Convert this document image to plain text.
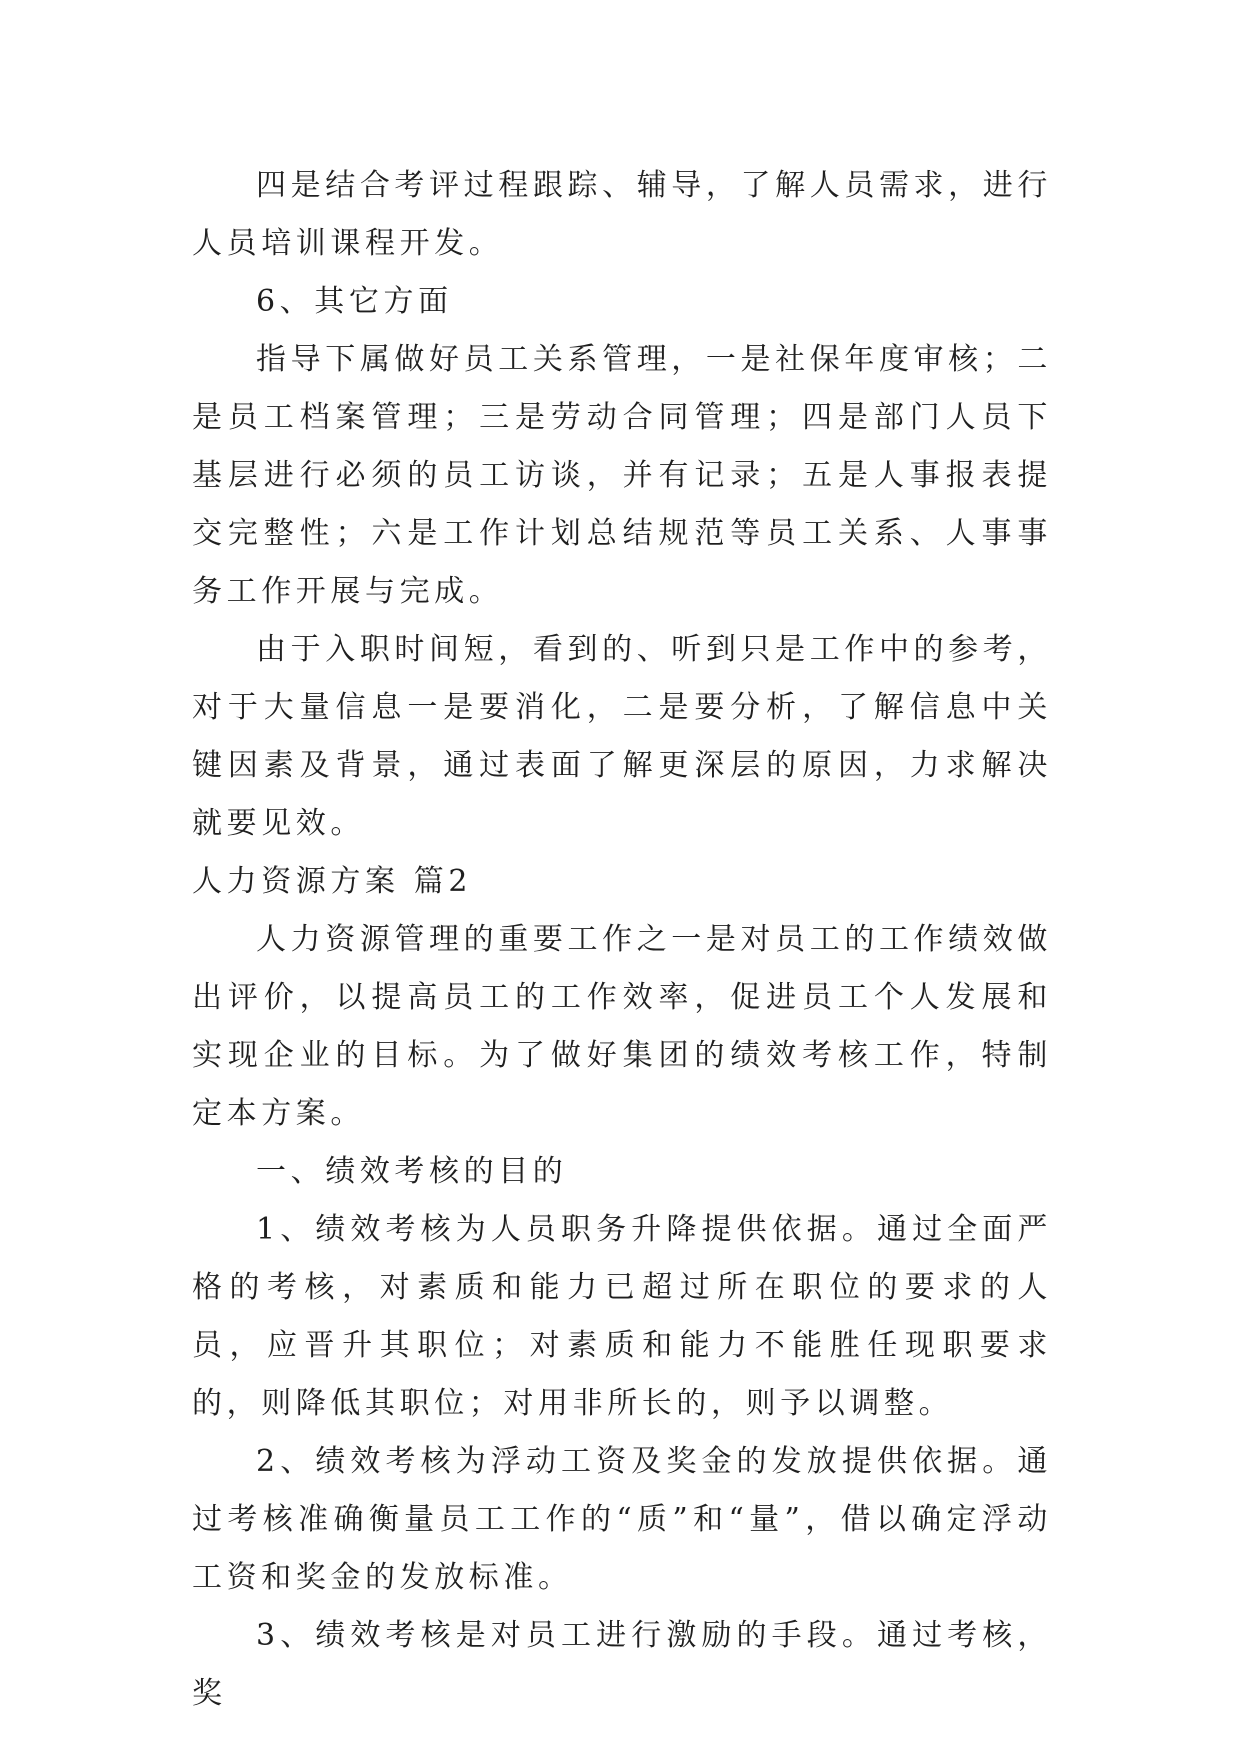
四是结合考评过程跟踪、辅导，了解人员需求，进行人员培训课程开发。

6、其它方面

指导下属做好员工关系管理，一是社保年度审核；二是员工档案管理；三是劳动合同管理；四是部门人员下基层进行必须的员工访谈，并有记录；五是人事报表提交完整性；六是工作计划总结规范等员工关系、人事事务工作开展与完成。

由于入职时间短，看到的、听到只是工作中的参考，对于大量信息一是要消化，二是要分析，了解信息中关键因素及背景，通过表面了解更深层的原因，力求解决就要见效。

人力资源方案 篇2

人力资源管理的重要工作之一是对员工的工作绩效做出评价，以提高员工的工作效率，促进员工个人发展和实现企业的目标。为了做好集团的绩效考核工作，特制定本方案。

一、绩效考核的目的

1、绩效考核为人员职务升降提供依据。通过全面严格的考核，对素质和能力已超过所在职位的要求的人员，应晋升其职位；对素质和能力不能胜任现职要求的，则降低其职位；对用非所长的，则予以调整。

2、绩效考核为浮动工资及奖金的发放提供依据。通过考核准确衡量员工工作的“质”和“量”，借以确定浮动工资和奖金的发放标准。

3、绩效考核是对员工进行激励的手段。通过考核，奖
